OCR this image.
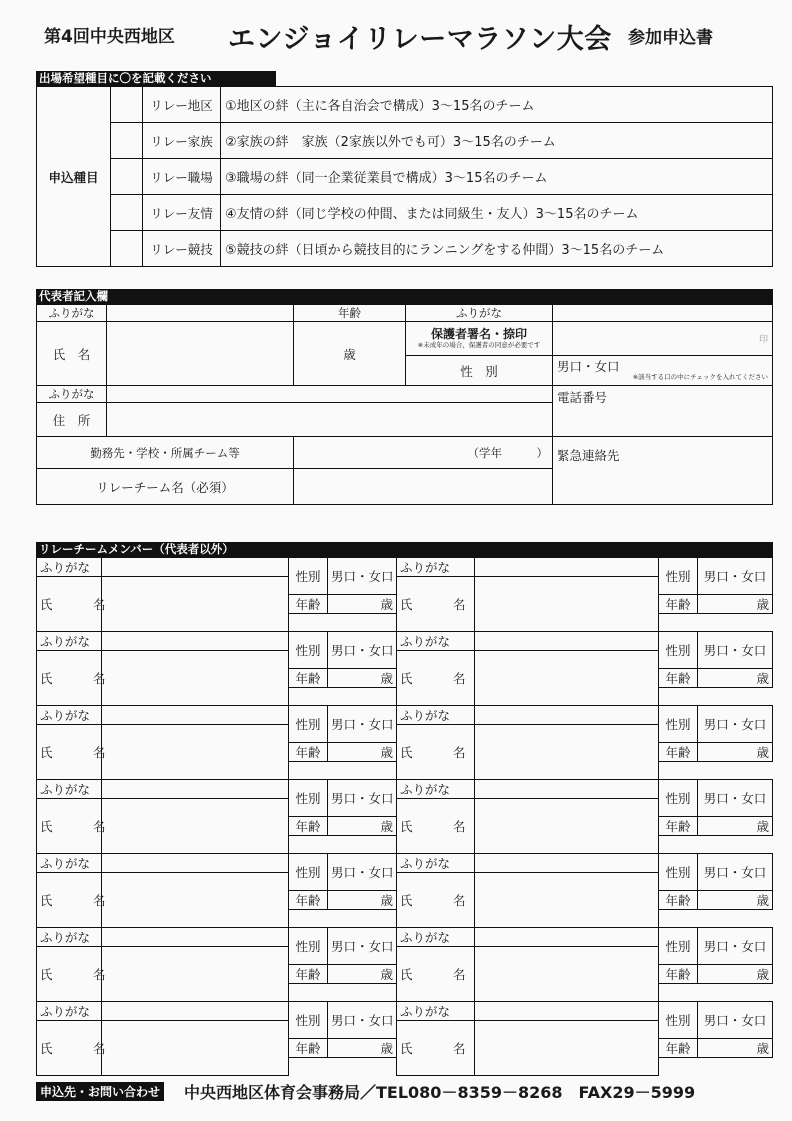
第4回中央西地区 エンジョイリレーマラソン大会 参加申込書
出場希望種目に〇を記載ください
申込種目		リレー地区	①地区の絆（主に各自治会で構成）3～15名のチーム
		リレー家族	②家族の絆　家族（2家族以外でも可）3～15名のチーム
		リレー職場	③職場の絆（同一企業従業員で構成）3～15名のチーム
		リレー友情	④友情の絆（同じ学校の仲間、または同級生・友人）3～15名のチーム
		リレー競技	⑤競技の絆（日頃から競技目的にランニングをする仲間）3～15名のチーム
代表者記入欄
ふりがな		年齢	ふりがな	
氏　名		歳	保護者署名・捺印
※未成年の場合、保護者の同意が必要です	印
			性　別	男口・女口
※該当する口の中にチェックを入れてください

ふりがな				電話番号
住　所				
勤務先・学校・所属チーム等		（学年　　　）		緊急連絡先
リレーチーム名（必須）				
リレーチームメンバー（代表者以外）
ふりがな		性別	男口・女口	ふりがな		性別	男口・女口
氏　名				氏　名			
		年齢	歳			年齢	歳

ふりがな		性別	男口・女口	ふりがな		性別	男口・女口
氏　名				氏　名			
		年齢	歳			年齢	歳

ふりがな		性別	男口・女口	ふりがな		性別	男口・女口
氏　名				氏　名			
		年齢	歳			年齢	歳

ふりがな		性別	男口・女口	ふりがな		性別	男口・女口
氏　名				氏　名			
		年齢	歳			年齢	歳

ふりがな		性別	男口・女口	ふりがな		性別	男口・女口
氏　名				氏　名			
		年齢	歳			年齢	歳

ふりがな		性別	男口・女口	ふりがな		性別	男口・女口
氏　名				氏　名			
		年齢	歳			年齢	歳

ふりがな		性別	男口・女口	ふりがな		性別	男口・女口
氏　名				氏　名			
		年齢	歳			年齢	歳

申込先・お問い合わせ 中央西地区体育会事務局／TEL080－8359－8268　FAX29－5999
